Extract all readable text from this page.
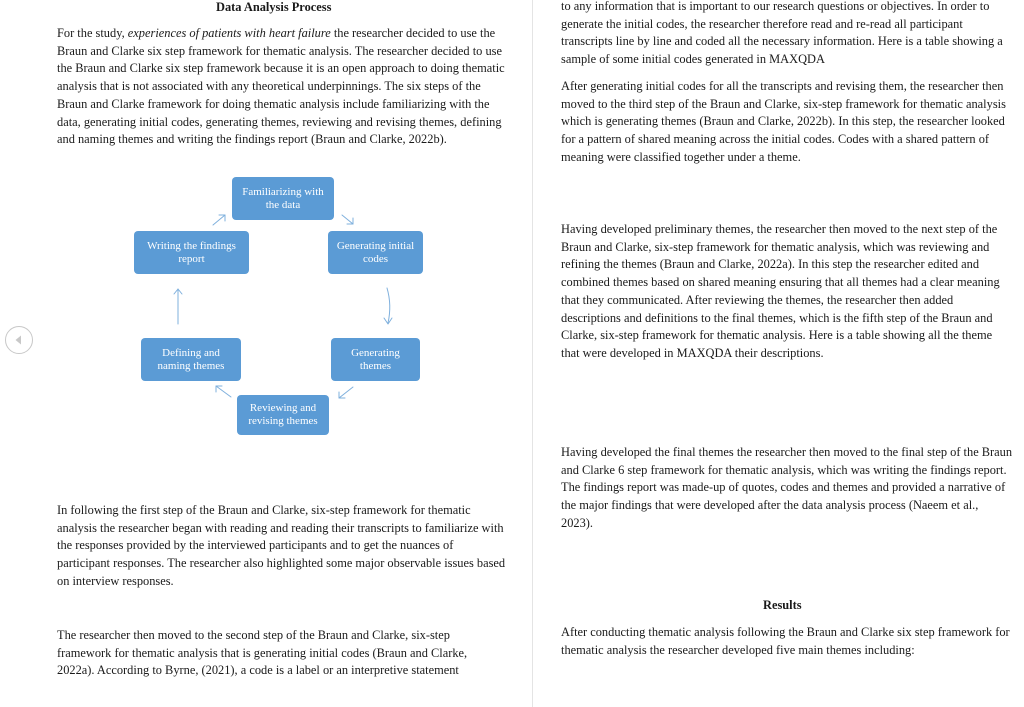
Data Analysis Process

For the study, experiences of patients with heart failure the researcher decided to use the Braun and Clarke six step framework for thematic analysis. The researcher decided to use the Braun and Clarke six step framework because it is an open approach to doing thematic analysis that is not associated with any theoretical underpinnings. The six steps of the Braun and Clarke framework for doing thematic analysis include familiarizing with the data, generating initial codes, generating themes, reviewing and revising themes, defining and naming themes and writing the findings report (Braun and Clarke, 2022b).

Familiarizing with the data
Generating initial codes
Generating themes
Reviewing and revising themes
Defining and naming themes
Writing the findings report

In following the first step of the Braun and Clarke, six-step framework for thematic analysis the researcher began with reading and reading their transcripts to familiarize with the responses provided by the interviewed participants and to get the nuances of participant responses. The researcher also highlighted some major observable issues based on interview responses.

The researcher then moved to the second step of the Braun and Clarke, six-step framework for thematic analysis that is generating initial codes (Braun and Clarke, 2022a). According to Byrne, (2021), a code is a label or an interpretive statement

to any information that is important to our research questions or objectives. In order to generate the initial codes, the researcher therefore read and re-read all participant transcripts line by line and coded all the necessary information. Here is a table showing a sample of some initial codes generated in MAXQDA

After generating initial codes for all the transcripts and revising them, the researcher then moved to the third step of the Braun and Clarke, six-step framework for thematic analysis which is generating themes (Braun and Clarke, 2022b). In this step, the researcher looked for a pattern of shared meaning across the initial codes. Codes with a shared pattern of meaning were classified together under a theme.

Having developed preliminary themes, the researcher then moved to the next step of the Braun and Clarke, six-step framework for thematic analysis, which was reviewing and refining the themes (Braun and Clarke, 2022a). In this step the researcher edited and combined themes based on shared meaning ensuring that all themes had a clear meaning that they communicated. After reviewing the themes, the researcher then added descriptions and definitions to the final themes, which is the fifth step of the Braun and Clarke, six-step framework for thematic analysis. Here is a table showing all the theme that were developed in MAXQDA their descriptions.

Having developed the final themes the researcher then moved to the final step of the Braun and Clarke 6 step framework for thematic analysis, which was writing the findings report. The findings report was made-up of quotes, codes and themes and provided a narrative of the major findings that were developed after the data analysis process (Naeem et al., 2023).

Results

After conducting thematic analysis following the Braun and Clarke six step framework for thematic analysis the researcher developed five main themes including:
